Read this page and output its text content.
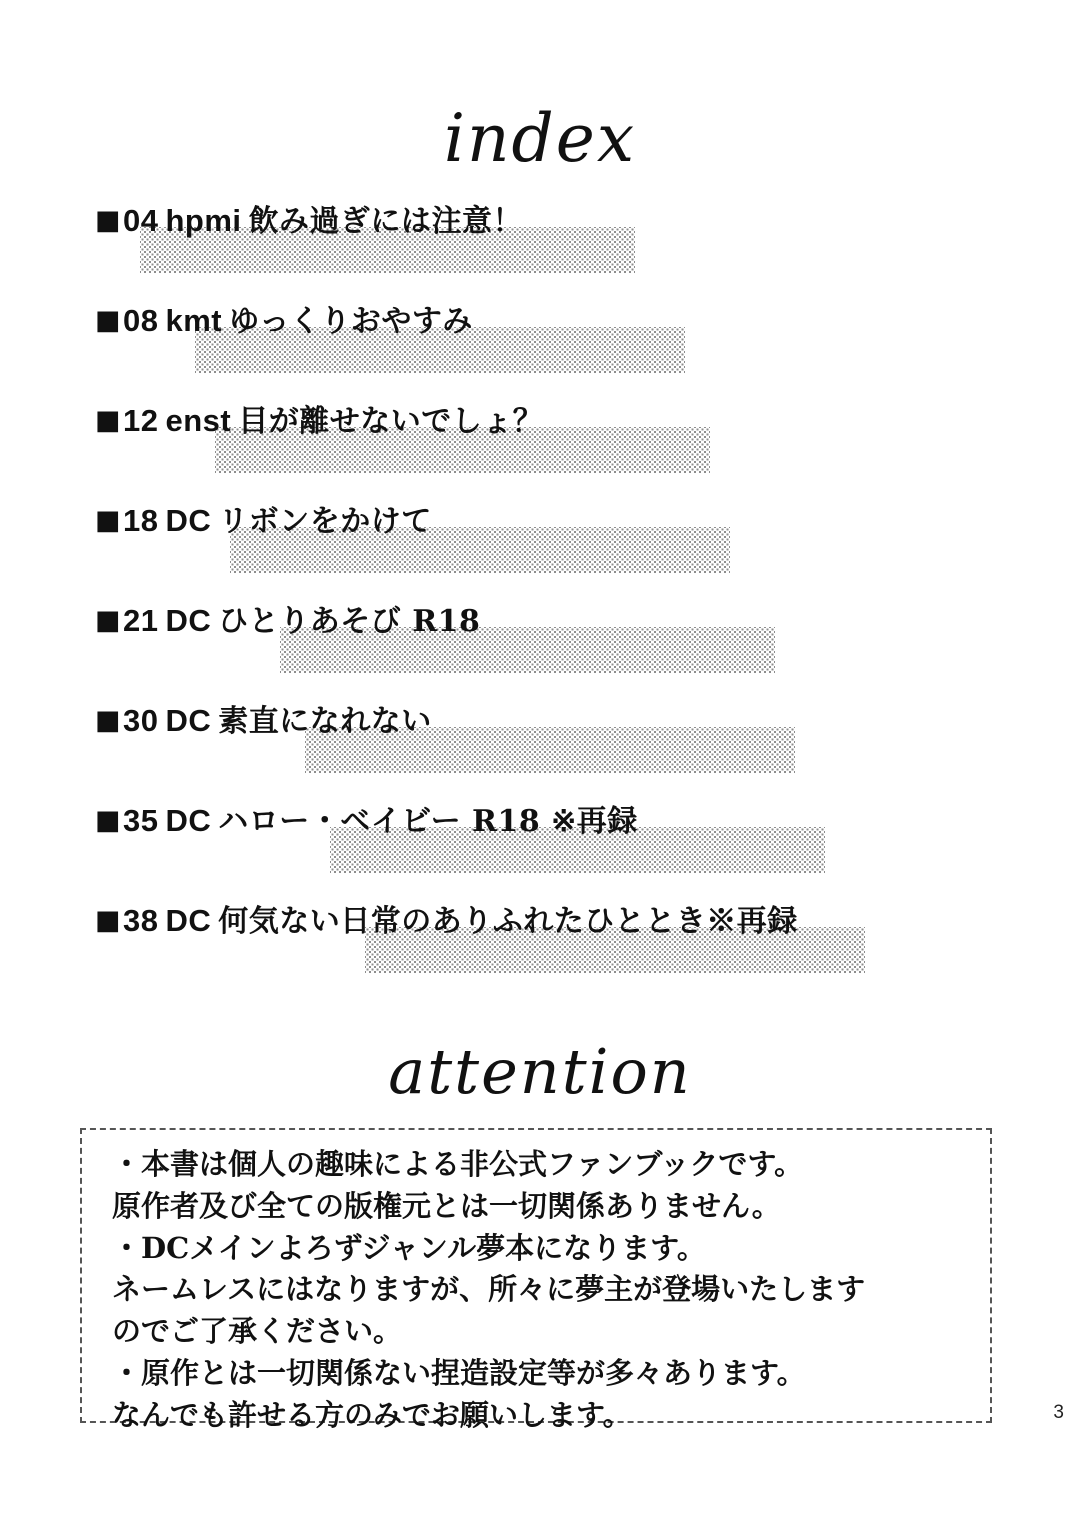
index
■04 hpmi 飲み過ぎには注意！
■08 kmt ゆっくりおやすみ
■12 enst 目が離せないでしょ？
■18 DC リボンをかけて
■21 DC ひとりあそび R18
■30 DC 素直になれない
■35 DC ハロー・ベイビー R18 ※再録
■38 DC 何気ない日常のありふれたひととき※再録
attention

・本書は個人の趣味による非公式ファンブックです。

原作者及び全ての版権元とは一切関係ありません。

・DCメインよろずジャンル夢本になります。

ネームレスにはなりますが、所々に夢主が登場いたします

のでご了承ください。

・原作とは一切関係ない捏造設定等が多々あります。

なんでも許せる方のみでお願いします。	3
